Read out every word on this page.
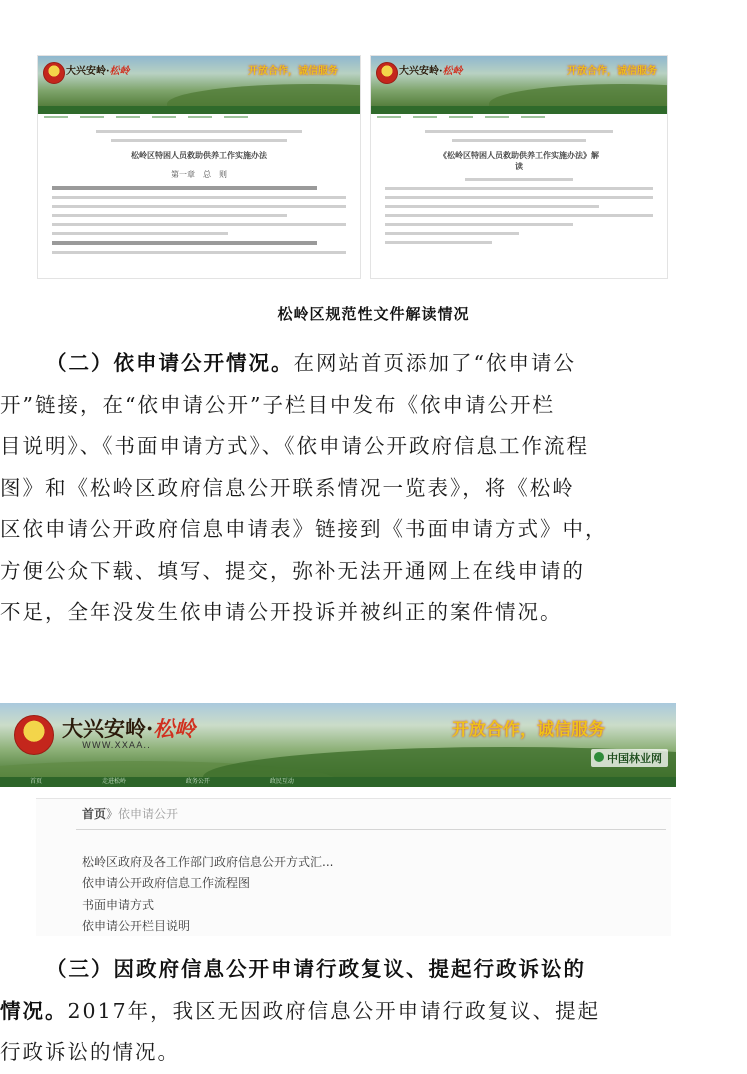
大兴安岭·松岭	开放合作，诚信服务
松岭区特困人员救助供养工作实施办法
第一章　总　则
大兴安岭·松岭	开放合作，诚信服务
《松岭区特困人员救助供养工作实施办法》解读
松岭区规范性文件解读情况

（二）依申请公开情况。在网站首页添加了“依申请公
开”链接，在“依申请公开”子栏目中发布《依申请公开栏
目说明》、《书面申请方式》、《依申请公开政府信息工作流程
图》和《松岭区政府信息公开联系情况一览表》，将《松岭
区依申请公开政府信息申请表》链接到《书面申请方式》中，
方便公众下载、填写、提交，弥补无法开通网上在线申请的
不足，全年没发生依申请公开投诉并被纠正的案件情况。

大兴安岭·松岭
WWW.XXAA..
开放合作，诚信服务
中国林业网
首页	走进松岭	政务公开	政民互动
首页》依申请公开
松岭区政府及各工作部门政府信息公开方式汇...
依申请公开政府信息工作流程图
书面申请方式
依申请公开栏目说明

（三）因政府信息公开申请行政复议、提起行政诉讼的
情况。2017年，我区无因政府信息公开申请行政复议、提起
行政诉讼的情况。
